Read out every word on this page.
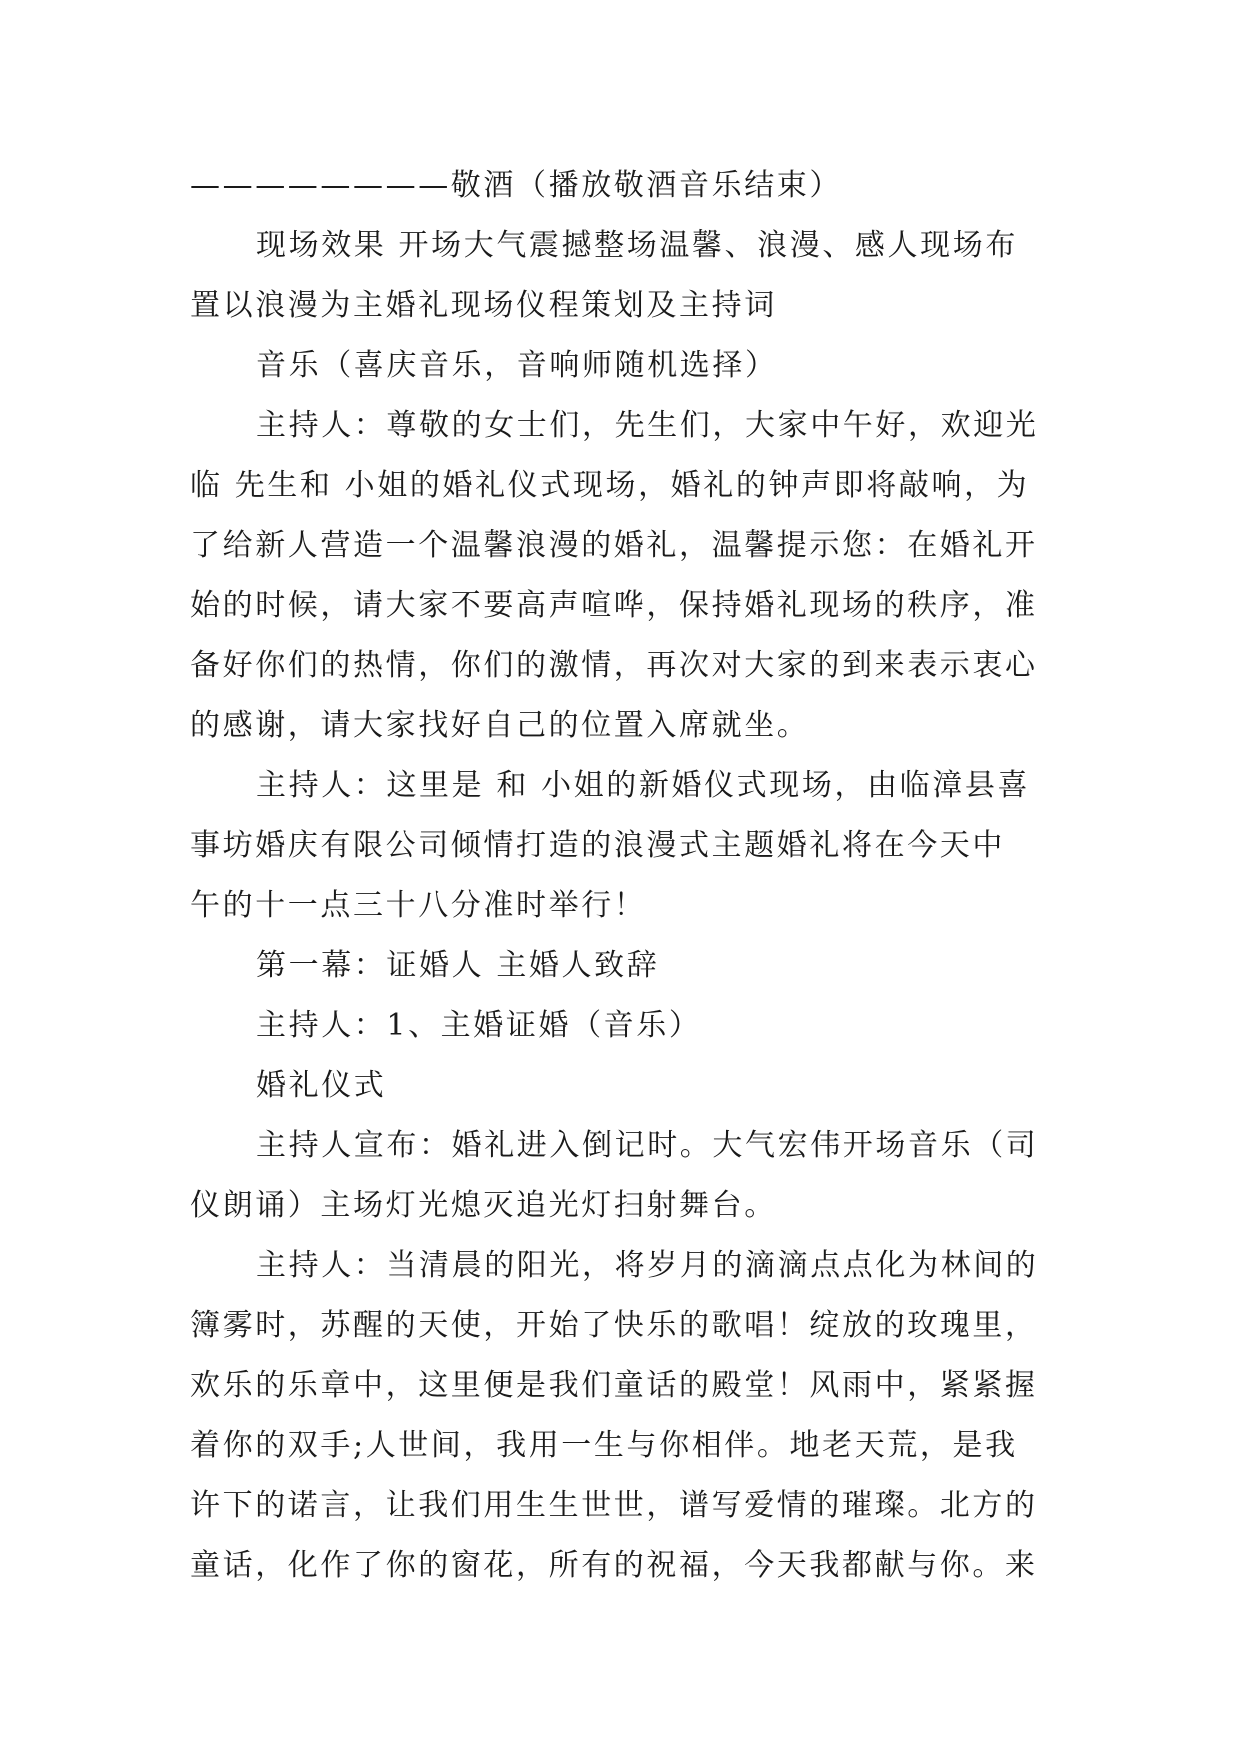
————————敬酒（播放敬酒音乐结束）

现场效果 开场大气震撼整场温馨、浪漫、感人现场布
置以浪漫为主婚礼现场仪程策划及主持词

音乐（喜庆音乐，音响师随机选择）

主持人：尊敬的女士们，先生们，大家中午好，欢迎光
临 先生和 小姐的婚礼仪式现场，婚礼的钟声即将敲响，为
了给新人营造一个温馨浪漫的婚礼，温馨提示您：在婚礼开
始的时候，请大家不要高声喧哗，保持婚礼现场的秩序，准
备好你们的热情，你们的激情，再次对大家的到来表示衷心
的感谢，请大家找好自己的位置入席就坐。

主持人：这里是 和 小姐的新婚仪式现场，由临漳县喜
事坊婚庆有限公司倾情打造的浪漫式主题婚礼将在今天中
午的十一点三十八分准时举行！

第一幕：证婚人 主婚人致辞

主持人：1、主婚证婚（音乐）

婚礼仪式

主持人宣布：婚礼进入倒记时。大气宏伟开场音乐（司
仪朗诵）主场灯光熄灭追光灯扫射舞台。

主持人：当清晨的阳光，将岁月的滴滴点点化为林间的
簿雾时，苏醒的天使，开始了快乐的歌唱！绽放的玫瑰里，
欢乐的乐章中，这里便是我们童话的殿堂！风雨中，紧紧握
着你的双手;人世间，我用一生与你相伴。地老天荒，是我
许下的诺言，让我们用生生世世，谱写爱情的璀璨。北方的
童话，化作了你的窗花，所有的祝福，今天我都献与你。来
